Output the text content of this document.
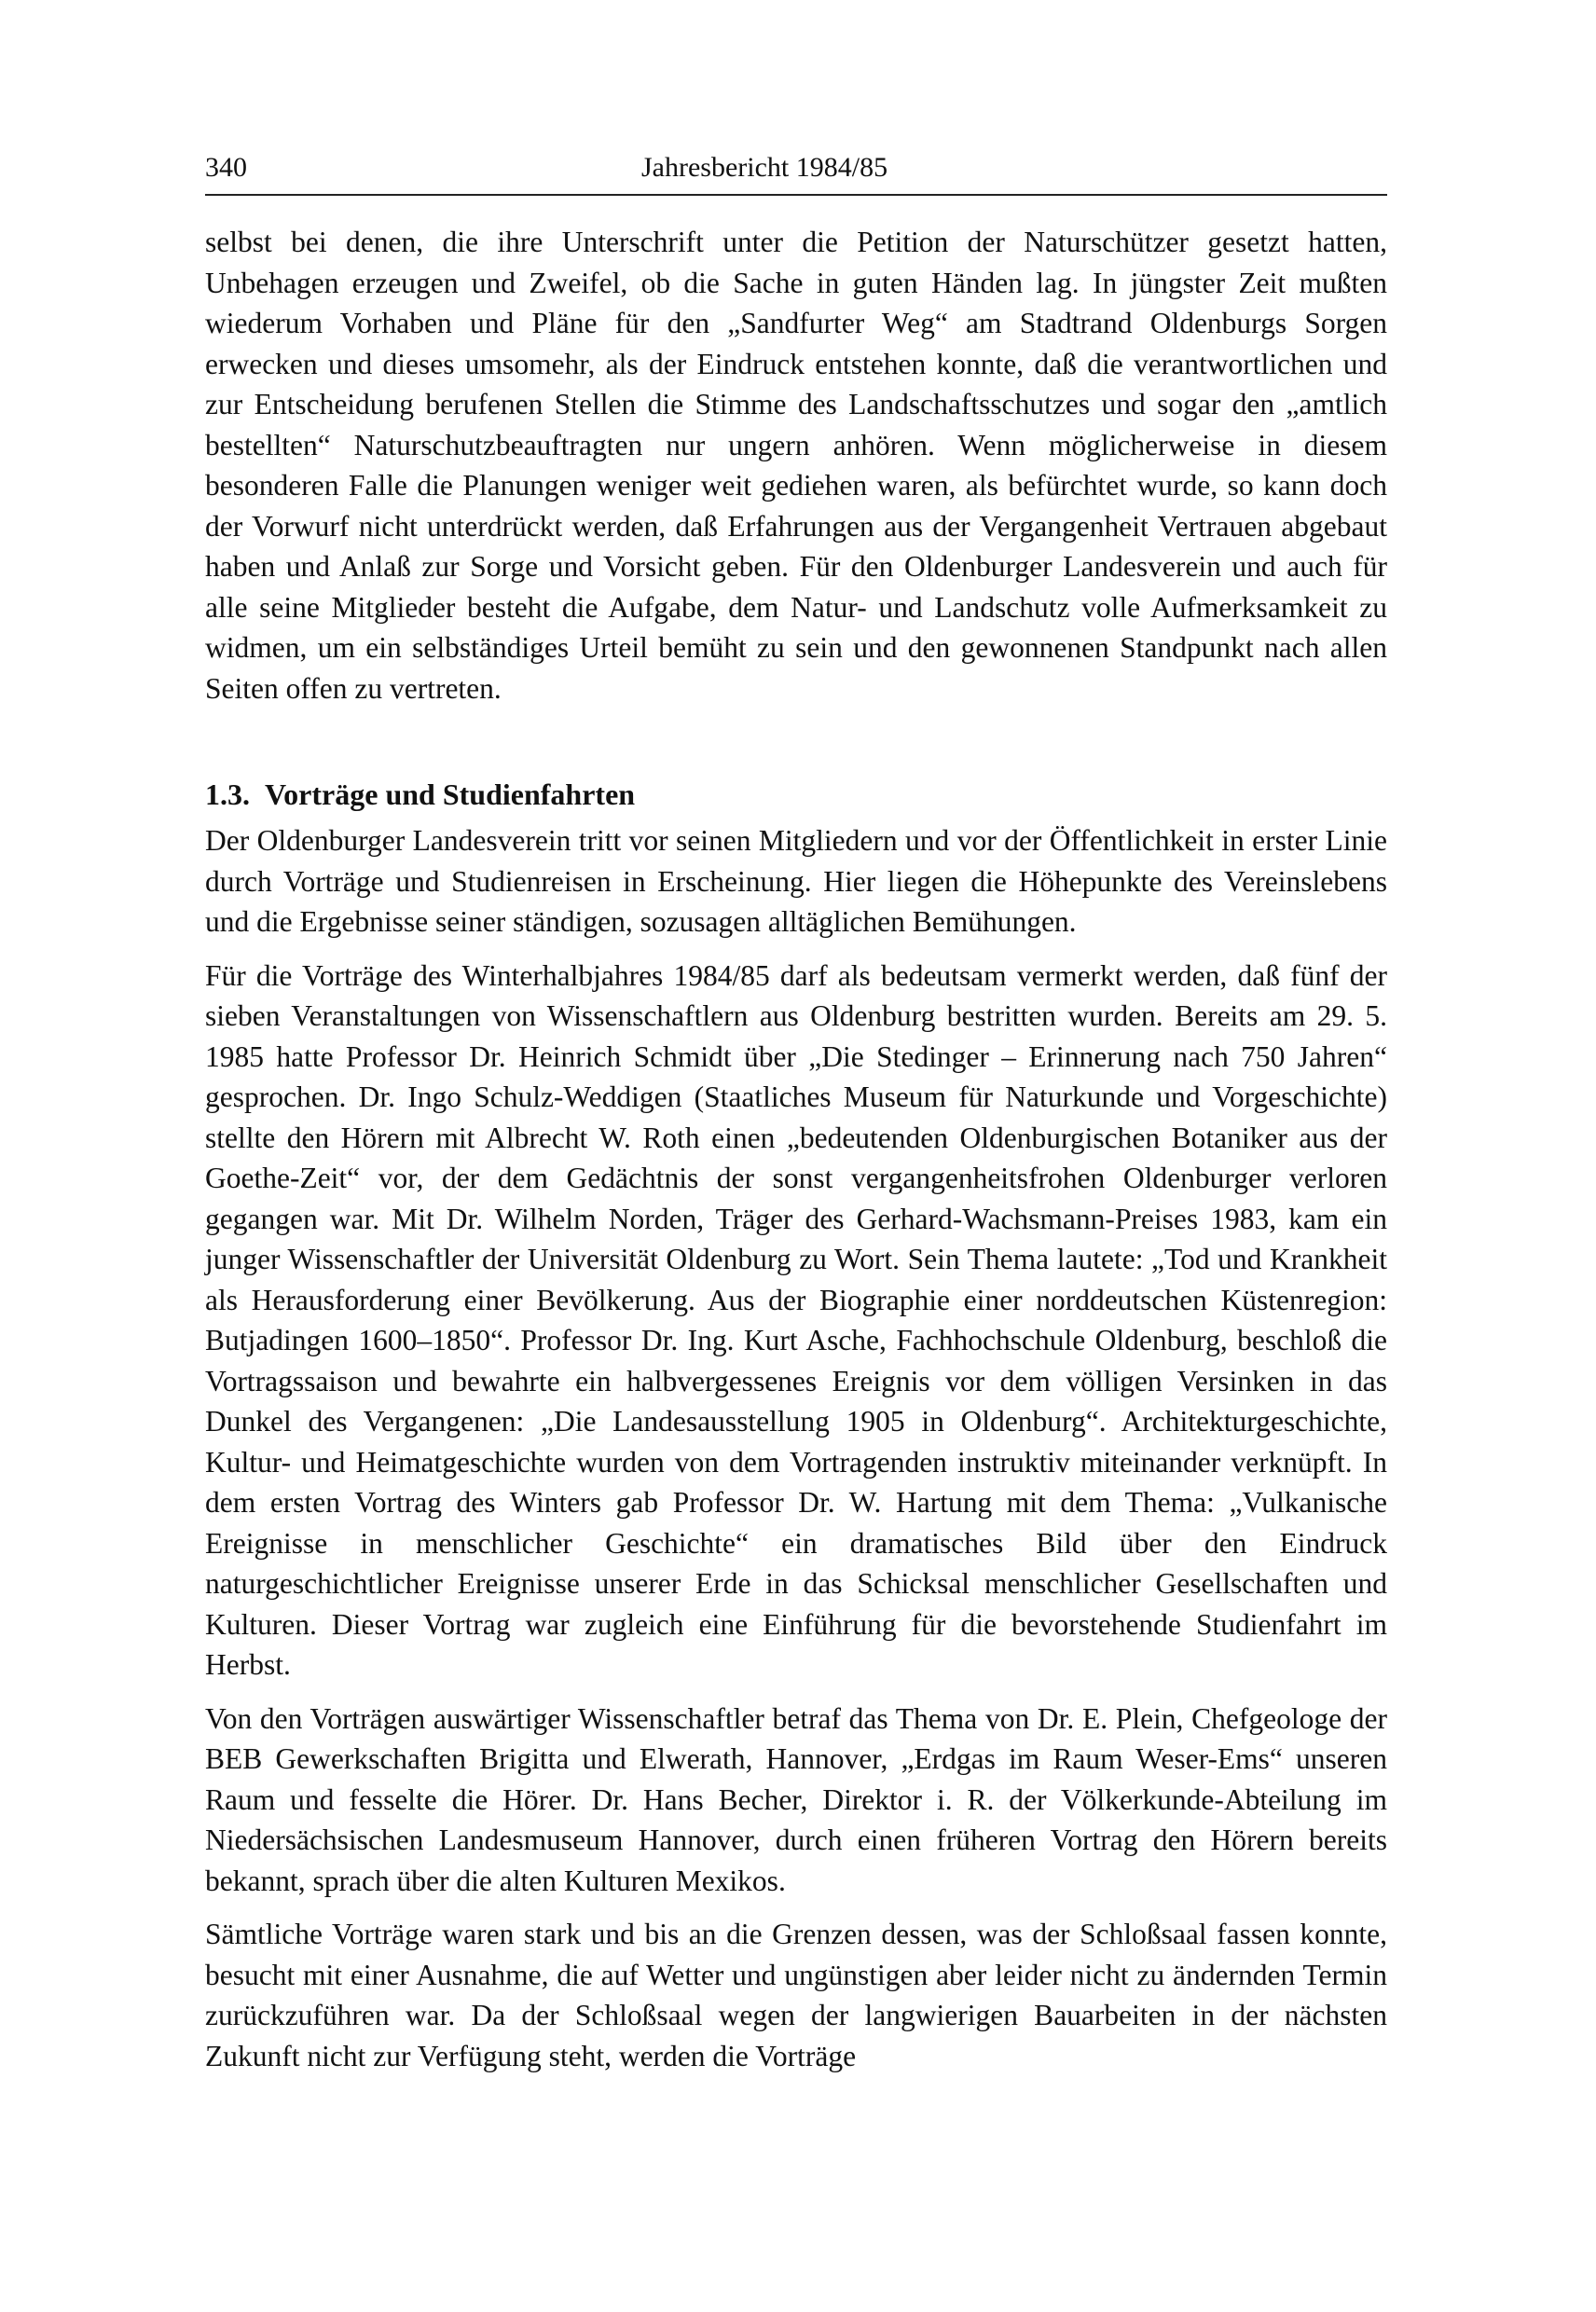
340	Jahresbericht 1984/85

selbst bei denen, die ihre Unterschrift unter die Petition der Naturschützer gesetzt hatten, Unbehagen erzeugen und Zweifel, ob die Sache in guten Händen lag. In jüngster Zeit mußten wiederum Vorhaben und Pläne für den „Sandfurter Weg“ am Stadtrand Oldenburgs Sorgen erwecken und dieses umsomehr, als der Eindruck entstehen konnte, daß die verantwortlichen und zur Entscheidung berufenen Stellen die Stimme des Landschaftsschutzes und sogar den „amtlich bestellten“ Naturschutzbeauftragten nur ungern anhören. Wenn möglicherweise in diesem besonderen Falle die Planungen weniger weit gediehen waren, als befürchtet wurde, so kann doch der Vorwurf nicht unterdrückt werden, daß Erfahrungen aus der Vergangenheit Vertrauen abgebaut haben und Anlaß zur Sorge und Vorsicht geben. Für den Oldenburger Landesverein und auch für alle seine Mitglieder besteht die Aufgabe, dem Natur- und Landschutz volle Aufmerksamkeit zu widmen, um ein selbständiges Urteil bemüht zu sein und den gewonnenen Standpunkt nach allen Seiten offen zu vertreten.

1.3. Vorträge und Studienfahrten

Der Oldenburger Landesverein tritt vor seinen Mitgliedern und vor der Öffentlichkeit in erster Linie durch Vorträge und Studienreisen in Erscheinung. Hier liegen die Höhepunkte des Vereinslebens und die Ergebnisse seiner ständigen, sozusagen alltäglichen Bemühungen.

Für die Vorträge des Winterhalbjahres 1984/85 darf als bedeutsam vermerkt werden, daß fünf der sieben Veranstaltungen von Wissenschaftlern aus Oldenburg bestritten wurden. Bereits am 29. 5. 1985 hatte Professor Dr. Heinrich Schmidt über „Die Stedinger – Erinnerung nach 750 Jahren“ gesprochen. Dr. Ingo Schulz-Weddigen (Staatliches Museum für Naturkunde und Vorgeschichte) stellte den Hörern mit Albrecht W. Roth einen „bedeutenden Oldenburgischen Botaniker aus der Goethe-Zeit“ vor, der dem Gedächtnis der sonst vergangenheitsfrohen Oldenburger verloren gegangen war. Mit Dr. Wilhelm Norden, Träger des Gerhard-Wachsmann-Preises 1983, kam ein junger Wissenschaftler der Universität Oldenburg zu Wort. Sein Thema lautete: „Tod und Krankheit als Herausforderung einer Bevölkerung. Aus der Biographie einer norddeutschen Küstenregion: Butjadingen 1600–1850“. Professor Dr. Ing. Kurt Asche, Fachhochschule Oldenburg, beschloß die Vortragssaison und bewahrte ein halbvergessenes Ereignis vor dem völligen Versinken in das Dunkel des Vergangenen: „Die Landesausstellung 1905 in Oldenburg“. Architekturgeschichte, Kultur- und Heimatgeschichte wurden von dem Vortragenden instruktiv miteinander verknüpft. In dem ersten Vortrag des Winters gab Professor Dr. W. Hartung mit dem Thema: „Vulkanische Ereignisse in menschlicher Geschichte“ ein dramatisches Bild über den Eindruck naturgeschichtlicher Ereignisse unserer Erde in das Schicksal menschlicher Gesellschaften und Kulturen. Dieser Vortrag war zugleich eine Einführung für die bevorstehende Studienfahrt im Herbst.

Von den Vorträgen auswärtiger Wissenschaftler betraf das Thema von Dr. E. Plein, Chefgeologe der BEB Gewerkschaften Brigitta und Elwerath, Hannover, „Erdgas im Raum Weser-Ems“ unseren Raum und fesselte die Hörer. Dr. Hans Becher, Direktor i. R. der Völkerkunde-Abteilung im Niedersächsischen Landesmuseum Hannover, durch einen früheren Vortrag den Hörern bereits bekannt, sprach über die alten Kulturen Mexikos.

Sämtliche Vorträge waren stark und bis an die Grenzen dessen, was der Schloßsaal fassen konnte, besucht mit einer Ausnahme, die auf Wetter und ungünstigen aber leider nicht zu ändernden Termin zurückzuführen war. Da der Schloßsaal wegen der langwierigen Bauarbeiten in der nächsten Zukunft nicht zur Verfügung steht, werden die Vorträge
